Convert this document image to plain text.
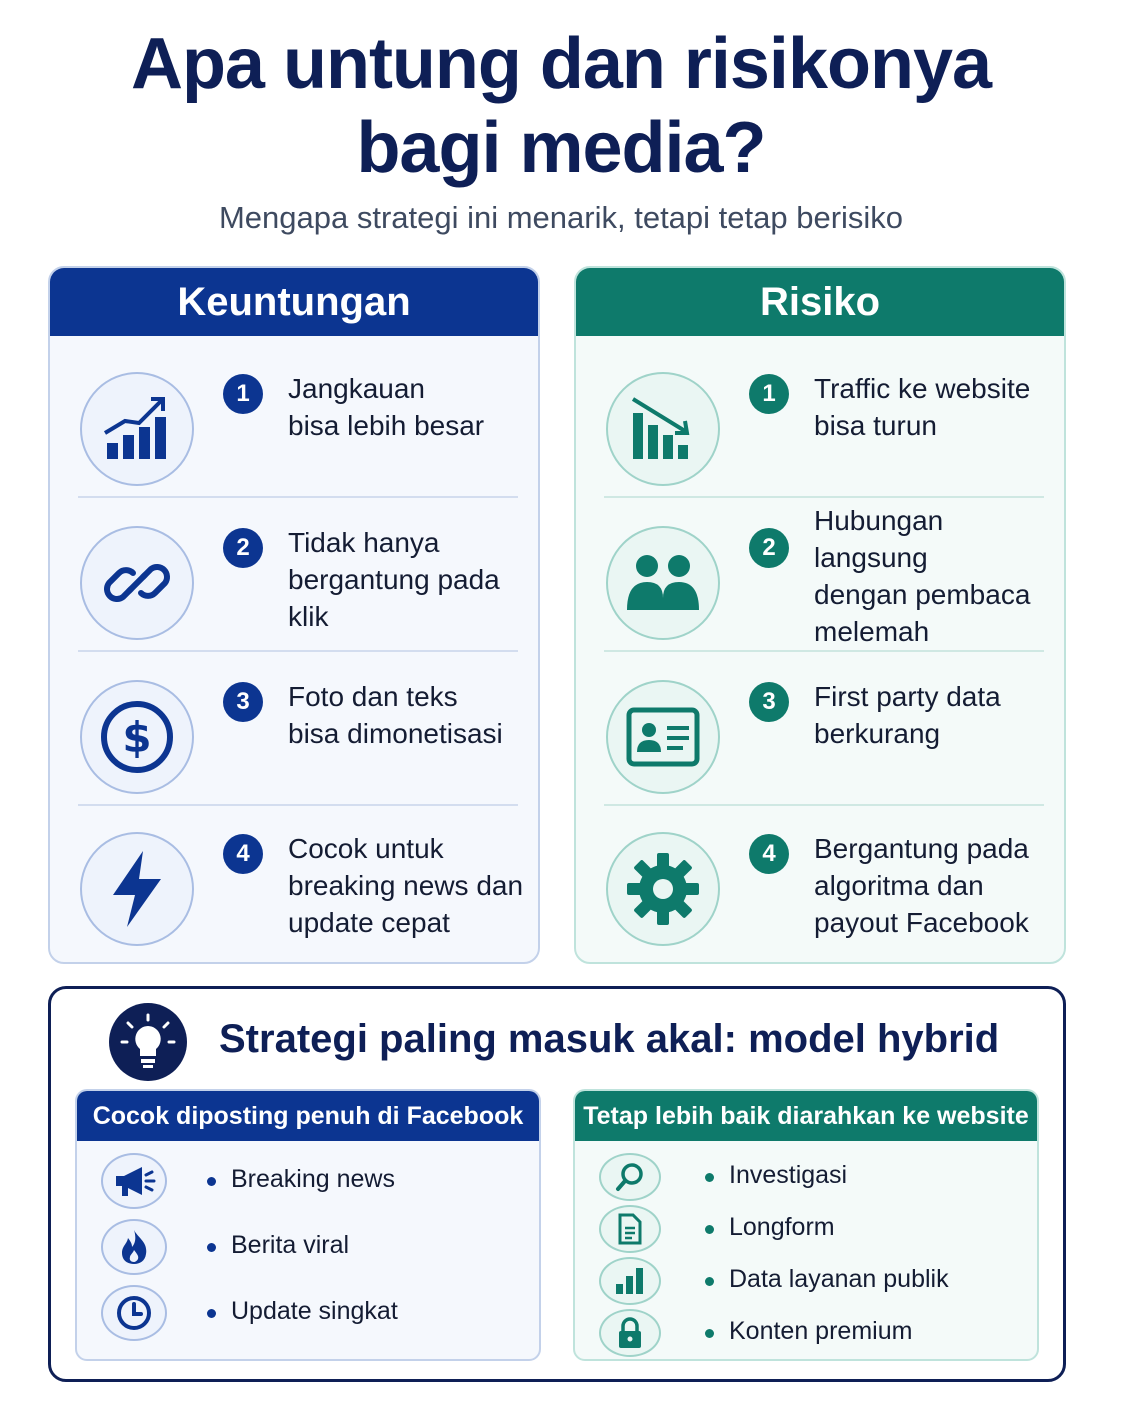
Apa untung dan risikonya
bagi media?
Mengapa strategi ini menarik, tetapi tetap berisiko
Keuntungan
1	Jangkauan
bisa lebih besar
2	Tidak hanya
bergantung pada klik
$
3	Foto dan teks
bisa dimonetisasi
4	Cocok untuk
breaking news dan
update cepat
Risiko
1	Traffic ke website
bisa turun
2
Hubungan langsung
dengan pembaca
melemah
3	First party data
berkurang
4	Bergantung pada
algoritma dan
payout Facebook
Strategi paling masuk akal: model hybrid
Cocok diposting penuh di Facebook
Breaking news
Berita viral
Update singkat
Tetap lebih baik diarahkan ke website
Investigasi
Longform
Data layanan publik
Konten premium
